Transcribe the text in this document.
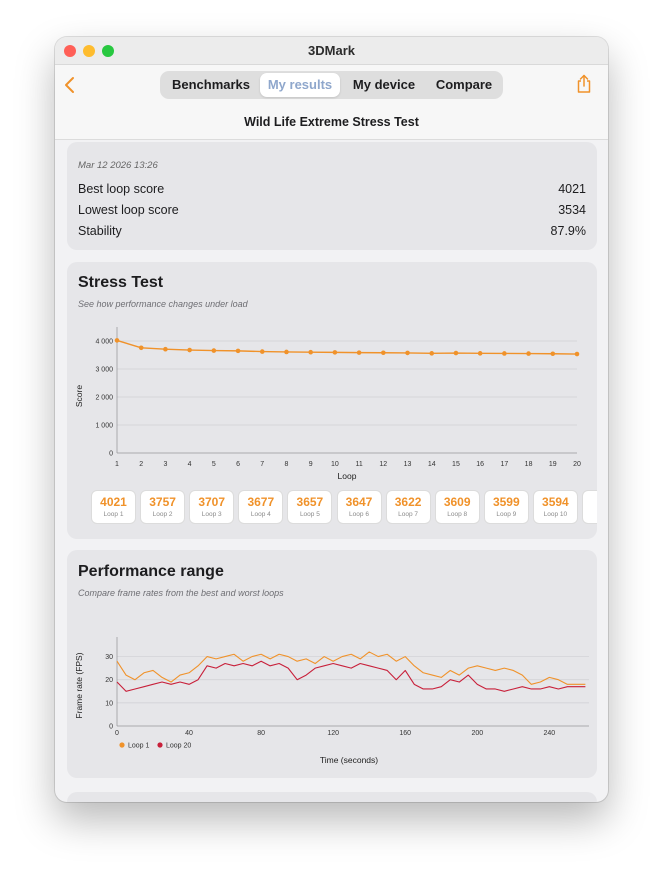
3DMark
Benchmarks	My results	My device	Compare
Wild Life Extreme Stress Test
Mar 12 2026 13:26
Best loop score	4021
Lowest loop score	3534
Stability	87.9%
Stress Test
See how performance changes under load
0
1 000
2 000
3 000
4 000
1	2	3	4	5	6	7	8	9	10 11 12 13 14 15 16 17 18 19 20
Loop
Score
4021
Loop 1
3757
Loop 2
3707
Loop 3
3677
Loop 4
3657
Loop 5
3647
Loop 6
3622
Loop 7
3609
Loop 8
3599
Loop 9
3594
Loop 10
Performance range
Compare frame rates from the best and worst loops
0
10
20
30
0	40	80	120	160	200	240
Time (seconds)
Frame rate (FPS)
Loop 1 Loop 20
